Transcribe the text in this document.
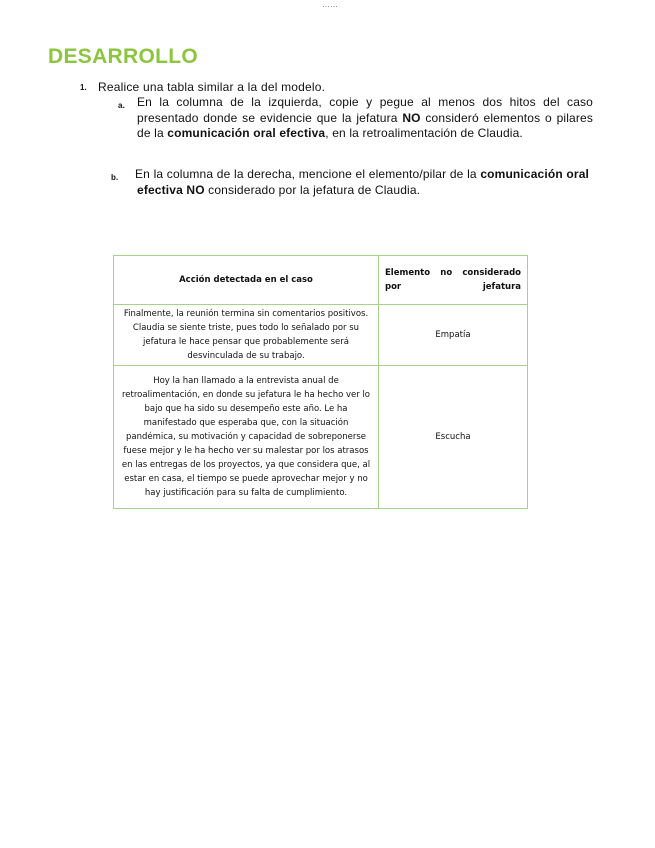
……
DESARROLLO
1. Realice una tabla similar a la del modelo.
a. En la columna de la izquierda, copie y pegue al menos dos hitos del caso presentado donde se evidencie que la jefatura NO consideró elementos o pilares de la comunicación oral efectiva, en la retroalimentación de Claudia.
b. En la columna de la derecha, mencione el elemento/pilar de la comunicación oral efectiva NO considerado por la jefatura de Claudia.
Acción detectada en el caso	Elemento no considerado por jefatura
Finalmente, la reunión termina sin comentarios positivos. Claudia se siente triste, pues todo lo señalado por su jefatura le hace pensar que probablemente será desvinculada de su trabajo.	Empatía
Hoy la han llamado a la entrevista anual de retroalimentación, en donde su jefatura le ha hecho ver lo bajo que ha sido su desempeño este año. Le ha manifestado que esperaba que, con la situación pandémica, su motivación y capacidad de sobreponerse fuese mejor y le ha hecho ver su malestar por los atrasos en las entregas de los proyectos, ya que considera que, al estar en casa, el tiempo se puede aprovechar mejor y no hay justificación para su falta de cumplimiento.	Escucha
